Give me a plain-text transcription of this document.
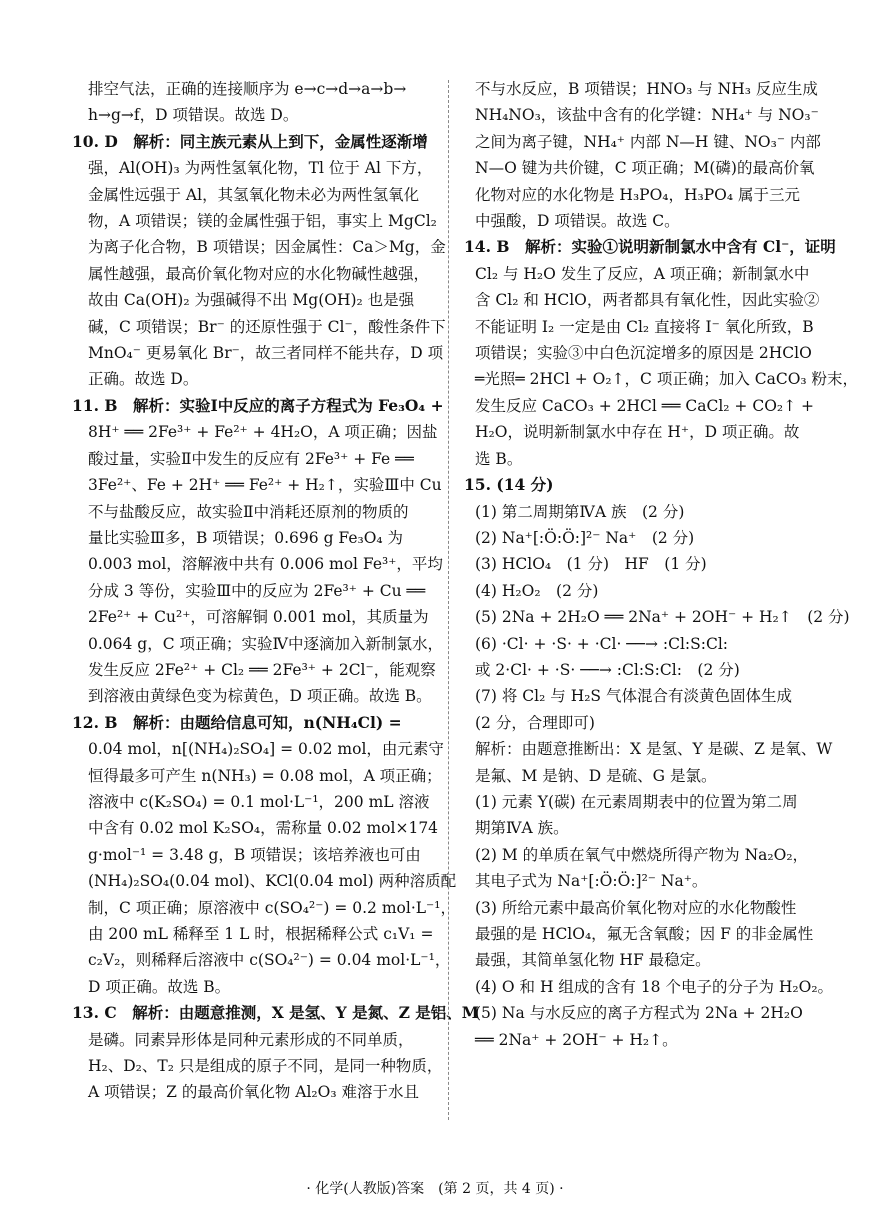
排空气法，正确的连接顺序为 e→c→d→a→b→
h→g→f，D 项错误。故选 D。
10. D　解析：同主族元素从上到下，金属性逐渐增
强，Al(OH)₃ 为两性氢氧化物，Tl 位于 Al 下方，
金属性远强于 Al，其氢氧化物未必为两性氢氧化
物，A 项错误；镁的金属性强于铝，事实上 MgCl₂
为离子化合物，B 项错误；因金属性：Ca＞Mg，金
属性越强，最高价氧化物对应的水化物碱性越强，
故由 Ca(OH)₂ 为强碱得不出 Mg(OH)₂ 也是强
碱，C 项错误；Br⁻ 的还原性强于 Cl⁻，酸性条件下
MnO₄⁻ 更易氧化 Br⁻，故三者同样不能共存，D 项
正确。故选 D。
11. B　解析：实验Ⅰ中反应的离子方程式为 Fe₃O₄ +
8H⁺ ══ 2Fe³⁺ + Fe²⁺ + 4H₂O，A 项正确；因盐
酸过量，实验Ⅱ中发生的反应有 2Fe³⁺ + Fe ══
3Fe²⁺、Fe + 2H⁺ ══ Fe²⁺ + H₂↑，实验Ⅲ中 Cu
不与盐酸反应，故实验Ⅱ中消耗还原剂的物质的
量比实验Ⅲ多，B 项错误；0.696 g Fe₃O₄ 为
0.003 mol，溶解液中共有 0.006 mol Fe³⁺，平均
分成 3 等份，实验Ⅲ中的反应为 2Fe³⁺ + Cu ══
2Fe²⁺ + Cu²⁺，可溶解铜 0.001 mol，其质量为
0.064 g，C 项正确；实验Ⅳ中逐滴加入新制氯水，
发生反应 2Fe²⁺ + Cl₂ ══ 2Fe³⁺ + 2Cl⁻，能观察
到溶液由黄绿色变为棕黄色，D 项正确。故选 B。
12. B　解析：由题给信息可知，n(NH₄Cl) =
0.04 mol，n[(NH₄)₂SO₄] = 0.02 mol，由元素守
恒得最多可产生 n(NH₃) = 0.08 mol，A 项正确；
溶液中 c(K₂SO₄) = 0.1 mol·L⁻¹，200 mL 溶液
中含有 0.02 mol K₂SO₄，需称量 0.02 mol×174
g·mol⁻¹ = 3.48 g，B 项错误；该培养液也可由
(NH₄)₂SO₄(0.04 mol)、KCl(0.04 mol) 两种溶质配
制，C 项正确；原溶液中 c(SO₄²⁻) = 0.2 mol·L⁻¹，
由 200 mL 稀释至 1 L 时，根据稀释公式 c₁V₁ =
c₂V₂，则稀释后溶液中 c(SO₄²⁻) = 0.04 mol·L⁻¹，
D 项正确。故选 B。
13. C　解析：由题意推测，X 是氢、Y 是氮、Z 是铝、M
是磷。同素异形体是同种元素形成的不同单质，
H₂、D₂、T₂ 只是组成的原子不同，是同一种物质，
A 项错误；Z 的最高价氧化物 Al₂O₃ 难溶于水且
不与水反应，B 项错误；HNO₃ 与 NH₃ 反应生成
NH₄NO₃，该盐中含有的化学键：NH₄⁺ 与 NO₃⁻
之间为离子键，NH₄⁺ 内部 N—H 键、NO₃⁻ 内部
N—O 键为共价键，C 项正确；M(磷)的最高价氧
化物对应的水化物是 H₃PO₄，H₃PO₄ 属于三元
中强酸，D 项错误。故选 C。
14. B　解析：实验①说明新制氯水中含有 Cl⁻，证明
Cl₂ 与 H₂O 发生了反应，A 项正确；新制氯水中
含 Cl₂ 和 HClO，两者都具有氧化性，因此实验②
不能证明 I₂ 一定是由 Cl₂ 直接将 I⁻ 氧化所致，B
项错误；实验③中白色沉淀增多的原因是 2HClO
═光照═ 2HCl + O₂↑，C 项正确；加入 CaCO₃ 粉末，
发生反应 CaCO₃ + 2HCl ══ CaCl₂ + CO₂↑ +
H₂O，说明新制氯水中存在 H⁺，D 项正确。故
选 B。
15. (14 分)
(1) 第二周期第ⅣA 族　(2 分)
(2) Na⁺[:Ö:Ö:]²⁻ Na⁺　(2 分)
(3) HClO₄　(1 分)　HF　(1 分)
(4) H₂O₂　(2 分)
(5) 2Na + 2H₂O ══ 2Na⁺ + 2OH⁻ + H₂↑　(2 分)
(6) ·Cl· + ·S· + ·Cl· ──→ :Cl:S:Cl:
或 2·Cl· + ·S· ──→ :Cl:S:Cl:　(2 分)
(7) 将 Cl₂ 与 H₂S 气体混合有淡黄色固体生成
(2 分，合理即可)
解析：由题意推断出：X 是氢、Y 是碳、Z 是氧、W
是氟、M 是钠、D 是硫、G 是氯。
(1) 元素 Y(碳) 在元素周期表中的位置为第二周
期第ⅣA 族。
(2) M 的单质在氧气中燃烧所得产物为 Na₂O₂，
其电子式为 Na⁺[:Ö:Ö:]²⁻ Na⁺。
(3) 所给元素中最高价氧化物对应的水化物酸性
最强的是 HClO₄，氟无含氧酸；因 F 的非金属性
最强，其简单氢化物 HF 最稳定。
(4) O 和 H 组成的含有 18 个电子的分子为 H₂O₂。
(5) Na 与水反应的离子方程式为 2Na + 2H₂O
══ 2Na⁺ + 2OH⁻ + H₂↑。
· 化学(人教版)答案　(第 2 页，共 4 页) ·
